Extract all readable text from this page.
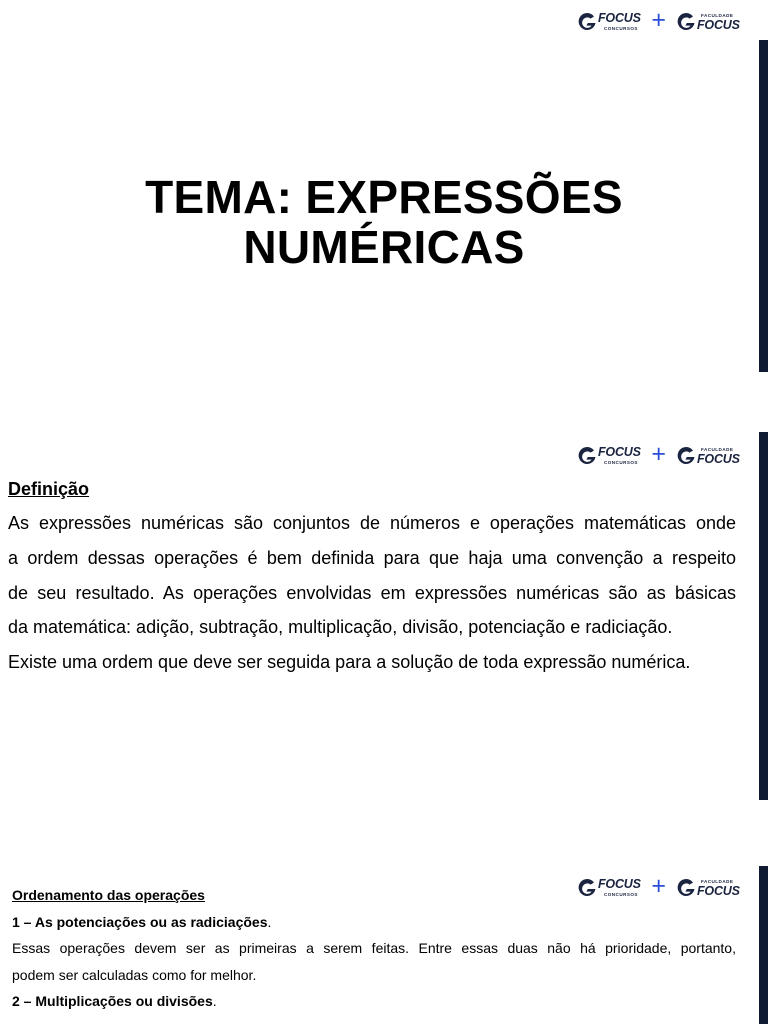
FOCUS
CONCURSOS +	FACULDADE
FOCUS
TEMA: EXPRESSÕES NUMÉRICAS
FOCUS
CONCURSOS +	FACULDADE
FOCUS
Definição
As expressões numéricas são conjuntos de números e operações matemáticas onde
a ordem dessas operações é bem definida para que haja uma convenção a respeito
de seu resultado. As operações envolvidas em expressões numéricas são as básicas
da matemática: adição, subtração, multiplicação, divisão, potenciação e radiciação.
Existe uma ordem que deve ser seguida para a solução de toda expressão numérica.
FOCUS
CONCURSOS +	FACULDADE
FOCUS
Ordenamento das operações
1 – As potenciações ou as radiciações.
Essas operações devem ser as primeiras a serem feitas. Entre essas duas não há prioridade, portanto,
podem ser calculadas como for melhor.
2 – Multiplicações ou divisões.
